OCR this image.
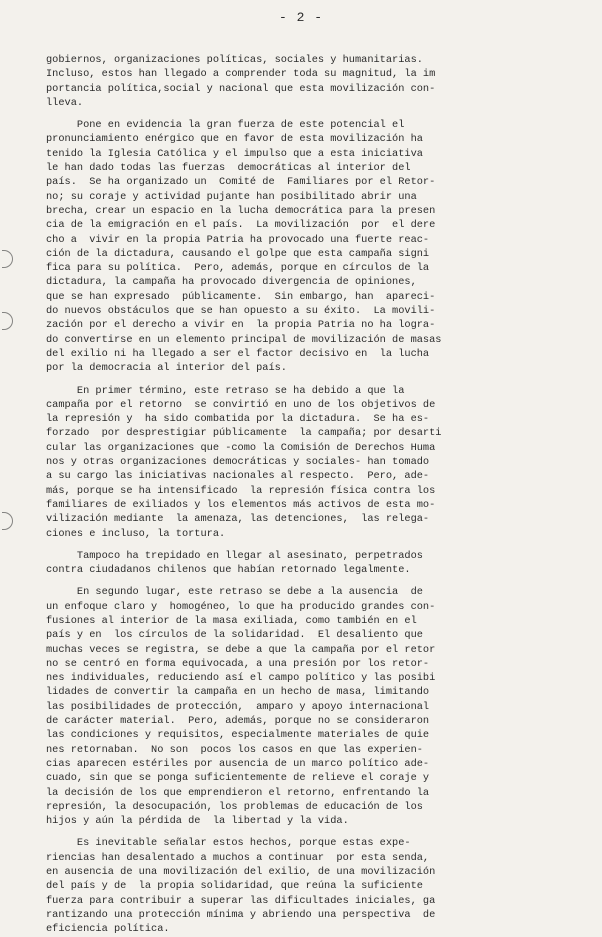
- 2 -
gobiernos, organizaciones políticas, sociales y humanitarias.
Incluso, estos han llegado a comprender toda su magnitud, la im
portancia política,social y nacional que esta movilización con-
lleva.
Pone en evidencia la gran fuerza de este potencial el
pronunciamiento enérgico que en favor de esta movilización ha
tenido la Iglesia Católica y el impulso que a esta iniciativa
le han dado todas las fuerzas  democráticas al interior del
país.  Se ha organizado un  Comité de  Familiares por el Retor-
no; su coraje y actividad pujante han posibilitado abrir una
brecha, crear un espacio en la lucha democrática para la presen
cia de la emigración en el país.  La movilización  por  el dere
cho a  vivir en la propia Patria ha provocado una fuerte reac-
ción de la dictadura, causando el golpe que esta campaña signi
fica para su política.  Pero, además, porque en círculos de la
dictadura, la campaña ha provocado divergencia de opiniones,
que se han expresado  públicamente.  Sin embargo, han  apareci-
do nuevos obstáculos que se han opuesto a su éxito.  La movili-
zación por el derecho a vivir en  la propia Patria no ha logra-
do convertirse en un elemento principal de movilización de masas
del exilio ni ha llegado a ser el factor decisivo en  la lucha
por la democracia al interior del país.
En primer término, este retraso se ha debido a que la
campaña por el retorno  se convirtió en uno de los objetivos de
la represión y  ha sido combatida por la dictadura.  Se ha es-
forzado  por desprestigiar públicamente  la campaña; por desarti
cular las organizaciones que -como la Comisión de Derechos Huma
nos y otras organizaciones democráticas y sociales- han tomado
a su cargo las iniciativas nacionales al respecto.  Pero, ade-
más, porque se ha intensificado  la represión física contra los
familiares de exiliados y los elementos más activos de esta mo-
vilización mediante  la amenaza, las detenciones,  las relega-
ciones e incluso, la tortura.
Tampoco ha trepidado en llegar al asesinato, perpetrados
contra ciudadanos chilenos que habían retornado legalmente.
En segundo lugar, este retraso se debe a la ausencia  de
un enfoque claro y  homogéneo, lo que ha producido grandes con-
fusiones al interior de la masa exiliada, como también en el
país y en  los círculos de la solidaridad.  El desaliento que
muchas veces se registra, se debe a que la campaña por el retor
no se centró en forma equivocada, a una presión por los retor-
nes individuales, reduciendo así el campo político y las posibi
lidades de convertir la campaña en un hecho de masa, limitando
las posibilidades de protección,  amparo y apoyo internacional
de carácter material.  Pero, además, porque no se consideraron
las condiciones y requisitos, especialmente materiales de quie
nes retornaban.  No son  pocos los casos en que las experien-
cias aparecen estériles por ausencia de un marco político ade-
cuado, sin que se ponga suficientemente de relieve el coraje y
la decisión de los que emprendieron el retorno, enfrentando la
represión, la desocupación, los problemas de educación de los
hijos y aún la pérdida de  la libertad y la vida.
Es inevitable señalar estos hechos, porque estas expe-
riencias han desalentado a muchos a continuar  por esta senda,
en ausencia de una movilización del exilio, de una movilización
del país y de  la propia solidaridad, que reúna la suficiente
fuerza para contribuir a superar las dificultades iniciales, ga
rantizando una protección mínima y abriendo una perspectiva  de
eficiencia política.
